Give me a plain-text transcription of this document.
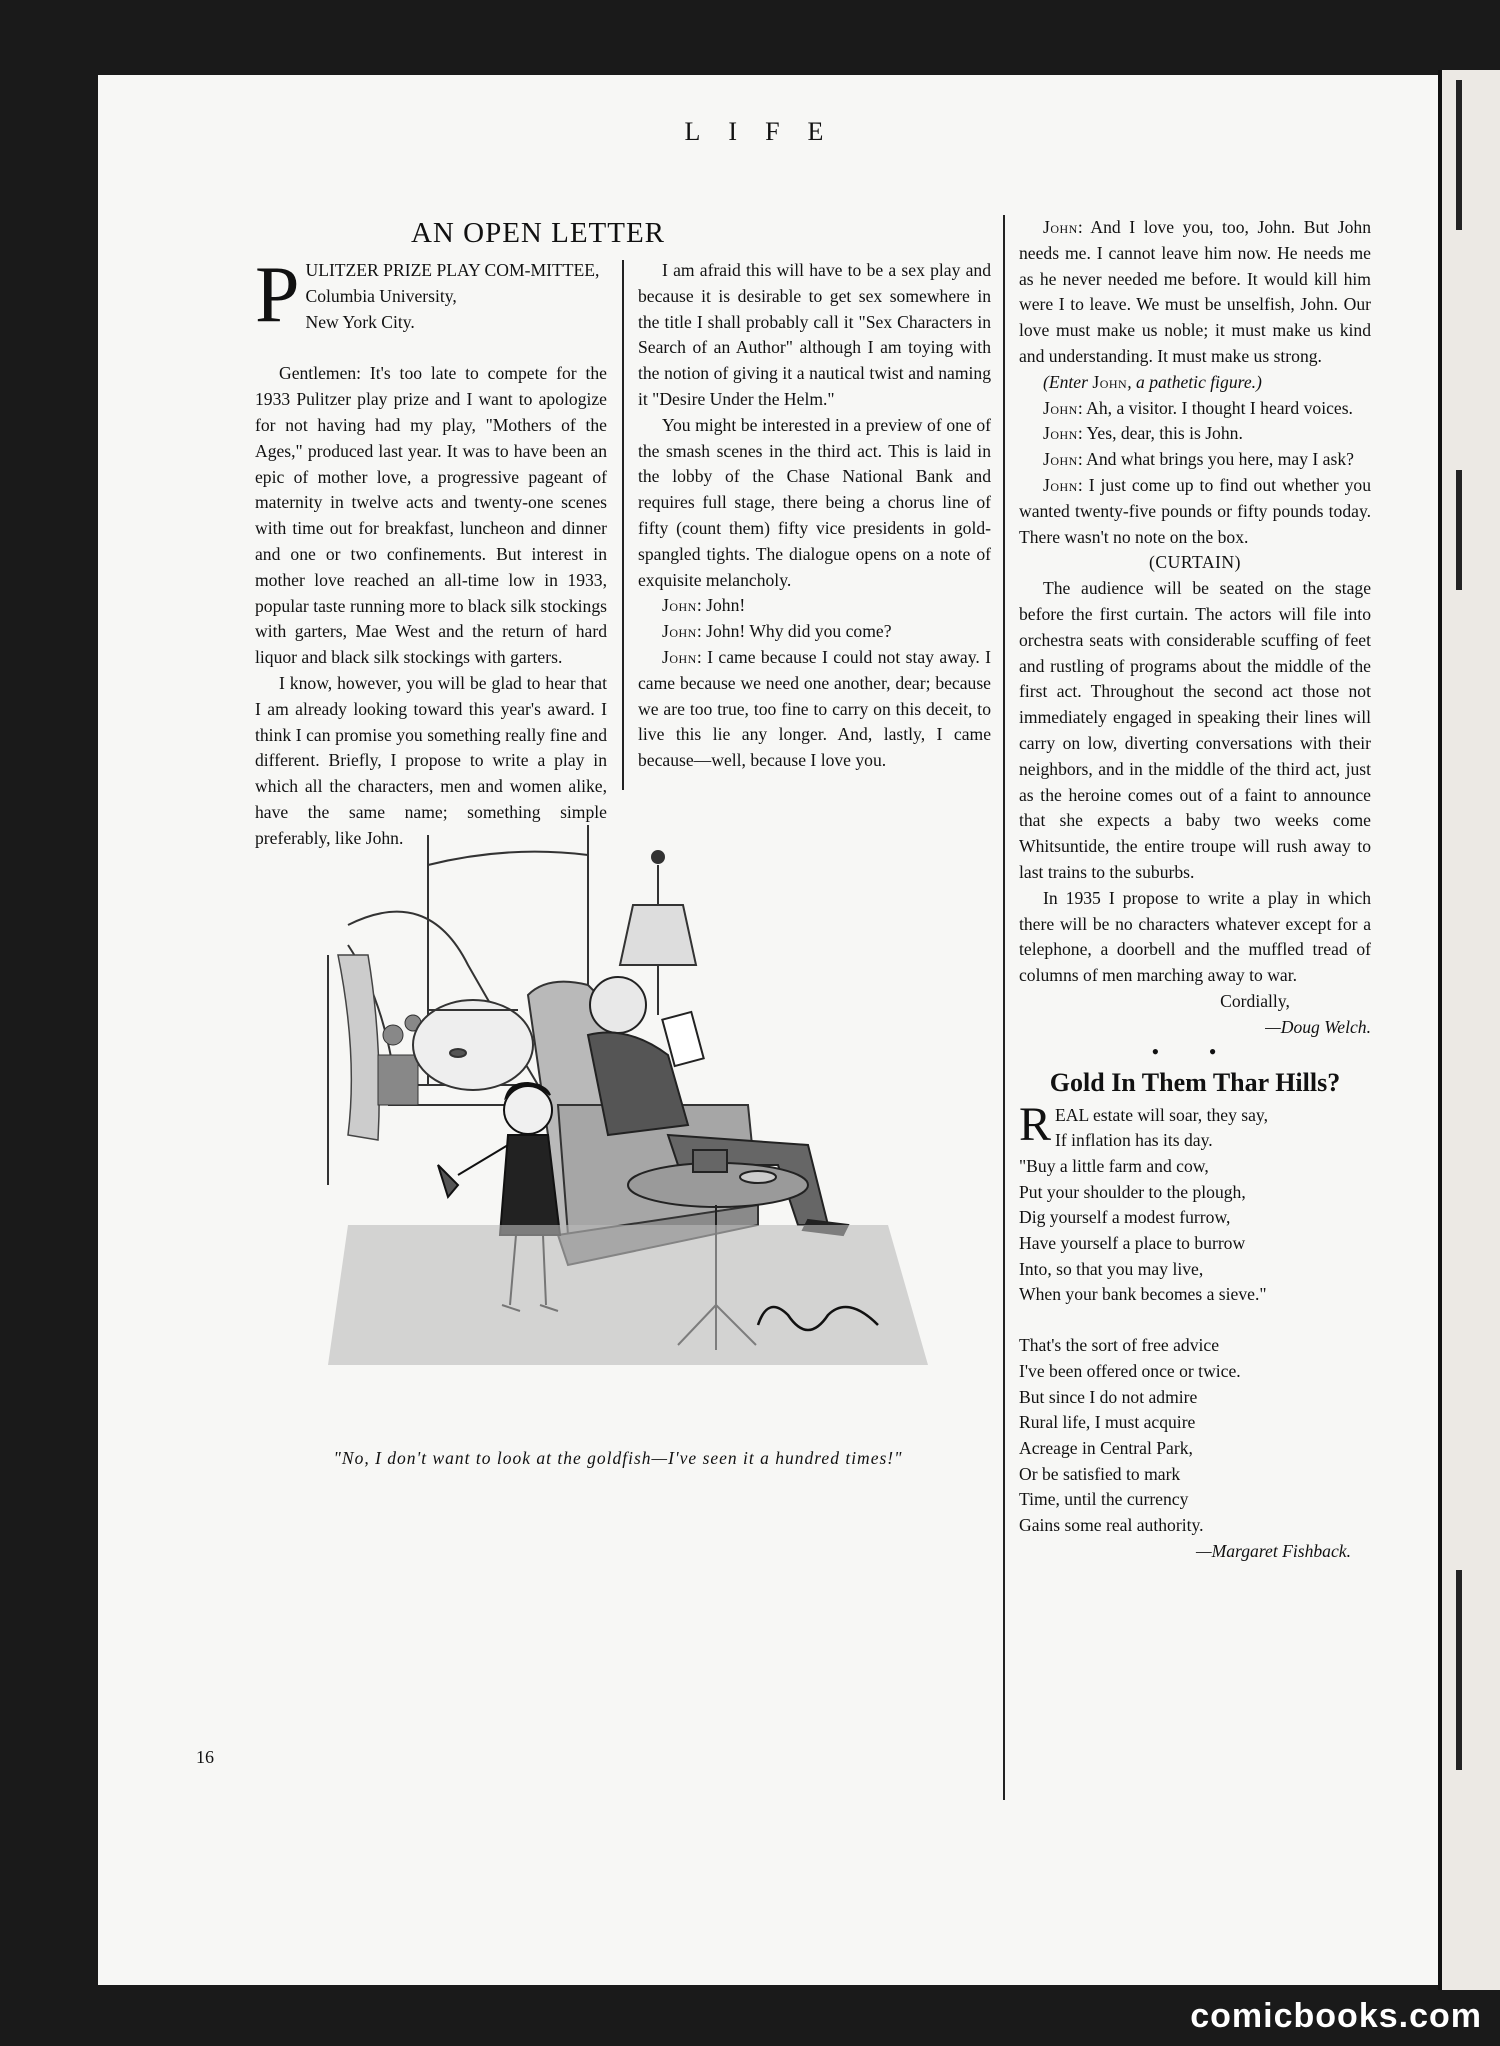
LIFE
AN OPEN LETTER

PULITZER PRIZE PLAY COM-MITTEE,
Columbia University,
New York City.

Gentlemen: It's too late to compete for the 1933 Pulitzer play prize and I want to apologize for not having had my play, "Mothers of the Ages," produced last year. It was to have been an epic of mother love, a progressive pageant of maternity in twelve acts and twenty-one scenes with time out for breakfast, luncheon and dinner and one or two confinements. But interest in mother love reached an all-time low in 1933, popular taste running more to black silk stockings with garters, Mae West and the return of hard liquor and black silk stockings with garters.

I know, however, you will be glad to hear that I am already looking toward this year's award. I think I can promise you something really fine and different. Briefly, I propose to write a play in which all the characters, men and women alike, have the same name; something simple preferably, like John.

I am afraid this will have to be a sex play and because it is desirable to get sex somewhere in the title I shall probably call it "Sex Characters in Search of an Author" although I am toying with the notion of giving it a nautical twist and naming it "Desire Under the Helm."

You might be interested in a preview of one of the smash scenes in the third act. This is laid in the lobby of the Chase National Bank and requires full stage, there being a chorus line of fifty (count them) fifty vice presidents in gold-spangled tights. The dialogue opens on a note of exquisite melancholy.

John: John!

John: John! Why did you come?

John: I came because I could not stay away. I came because we need one another, dear; because we are too true, too fine to carry on this deceit, to live this lie any longer. And, lastly, I came because—well, because I love you.

John: And I love you, too, John. But John needs me. I cannot leave him now. He needs me as he never needed me before. It would kill him were I to leave. We must be unselfish, John. Our love must make us noble; it must make us kind and understanding. It must make us strong.

(Enter John, a pathetic figure.)

John: Ah, a visitor. I thought I heard voices.

John: Yes, dear, this is John.

John: And what brings you here, may I ask?

John: I just come up to find out whether you wanted twenty-five pounds or fifty pounds today. There wasn't no note on the box.

(CURTAIN)

The audience will be seated on the stage before the first curtain. The actors will file into orchestra seats with considerable scuffing of feet and rustling of programs about the middle of the first act. Throughout the second act those not immediately engaged in speaking their lines will carry on low, diverting conversations with their neighbors, and in the middle of the third act, just as the heroine comes out of a faint to announce that she expects a baby two weeks come Whitsuntide, the entire troupe will rush away to last trains to the suburbs.

In 1935 I propose to write a play in which there will be no characters whatever except for a telephone, a doorbell and the muffled tread of columns of men marching away to war.

Cordially,

—Doug Welch.

• •
Gold In Them Thar Hills?
REAL estate will soar, they say,
If inflation has its day.
"Buy a little farm and cow,
Put your shoulder to the plough,
Dig yourself a modest furrow,
Have yourself a place to burrow
Into, so that you may live,
When your bank becomes a sieve."
That's the sort of free advice
I've been offered once or twice.
But since I do not admire
Rural life, I must acquire
Acreage in Central Park,
Or be satisfied to mark
Time, until the currency
Gains some real authority.

—Margaret Fishback.

"No, I don't want to look at the goldfish—I've seen it a hundred times!"
16
comicbooks.com
